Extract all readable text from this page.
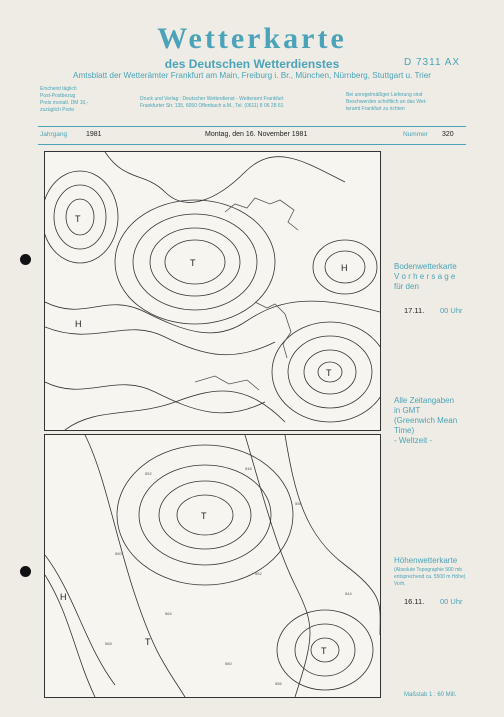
Wetterkarte
des Deutschen Wetterdienstes	D 7311 AX
Amtsblatt der Wetterämter Frankfurt am Main, Freiburg i. Br., München, Nürnberg, Stuttgart u. Trier
Erscheint täglich
Post-Postbezug
Preis monatl. DM 10,-
zuzüglich Porto
Druck und Verlag : Deutscher Wetterdienst - Wetteramt Frankfurt
Frankfurter Str. 135, 6050 Offenbach a.M., Tel. (0611) 8 06 28 61
Bei unregelmäßiger Lieferung sind
Beschwerden schriftlich an das Wet-
teramt Frankfurt zu richten
Jahrgang	1981	Montag, den 16. November 1981	Nummer 320
T
T
H
T
H
Bodenwetterkarte
V o r h e r s a g e
für den
17.11. 00 Uhr
Alle Zeitangaben
in GMT
(Greenwich Mean
Time)
- Weltzeit -
552
548
556
560
564
552
544
560
568
556
T
T
H
T
Höhenwetterkarte
(Absolute Topographie 500 mb
entsprechend ca. 5500 m Höhe)
Vorh.
16.11. 00 Uhr
Maßstab 1 : 60 Mill.
